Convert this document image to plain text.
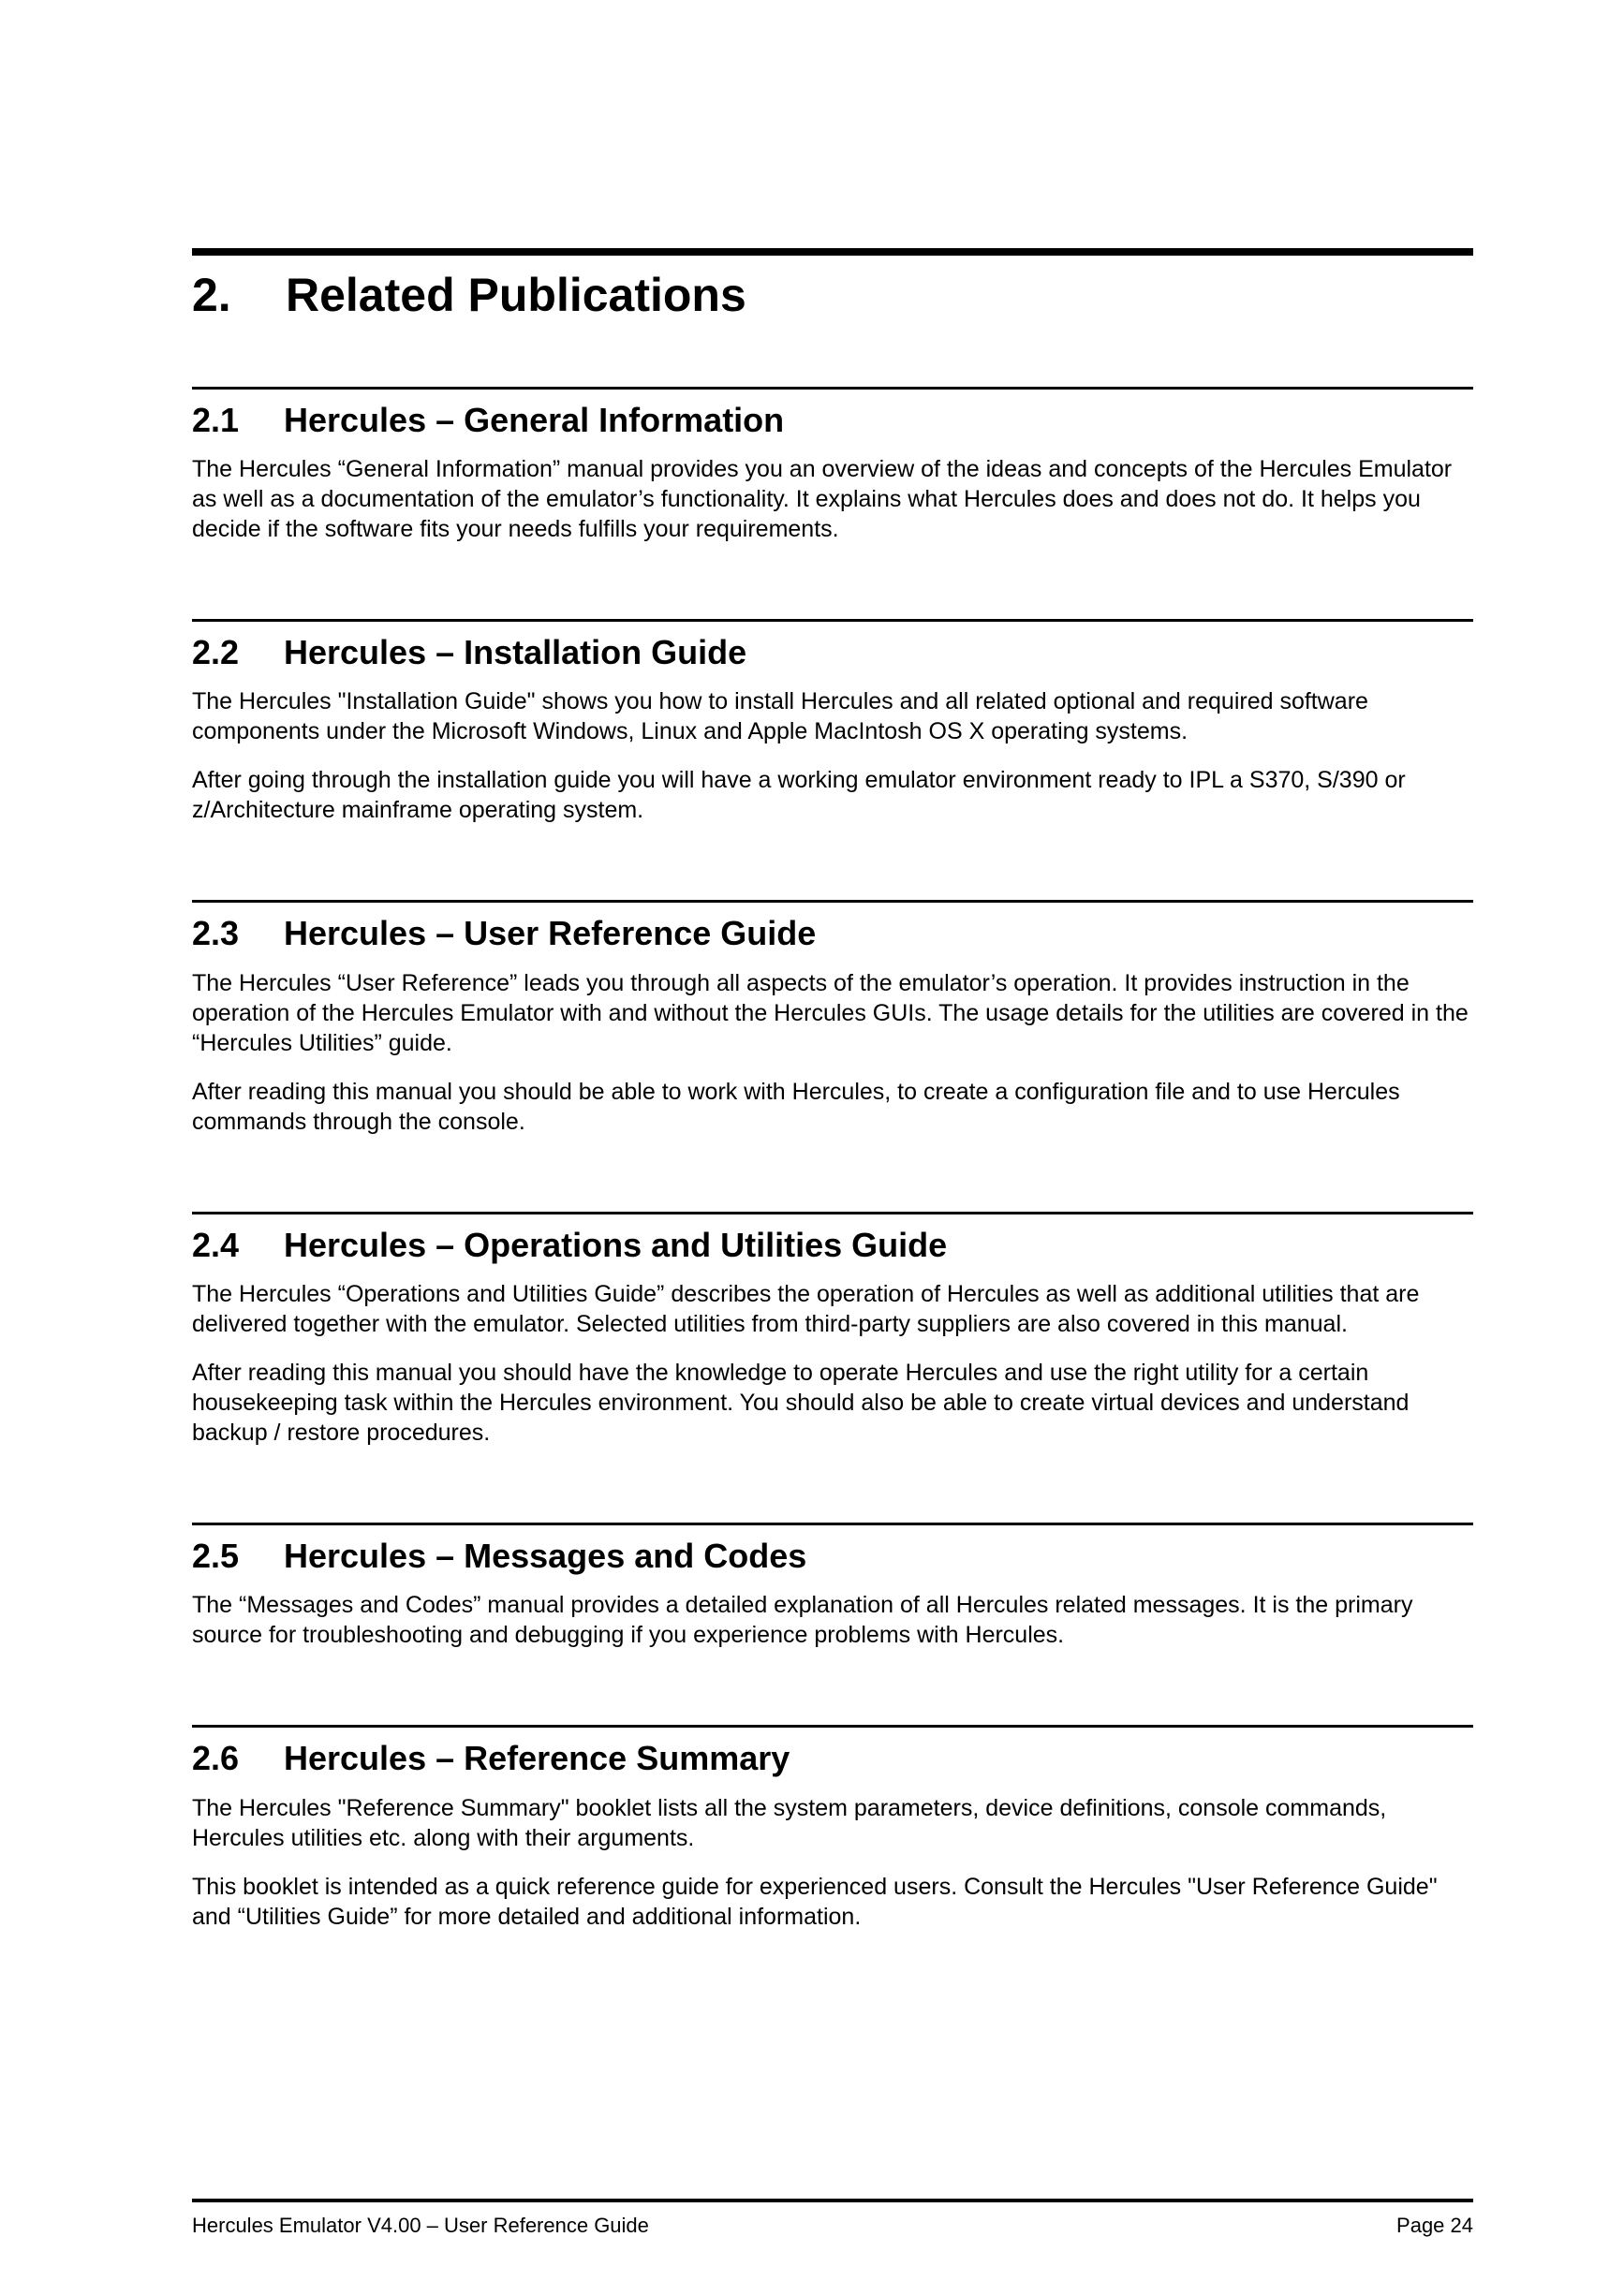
2.	Related Publications
2.1	Hercules – General Information

The Hercules “General Information” manual provides you an overview of the ideas and concepts of the Hercules Emulator as well as a documentation of the emulator’s functionality. It explains what Hercules does and does not do. It helps you decide if the software fits your needs fulfills your requirements.

2.2	Hercules – Installation Guide

The Hercules "Installation Guide" shows you how to install Hercules and all related optional and required software components under the Microsoft Windows, Linux and Apple MacIntosh OS X operating systems.

After going through the installation guide you will have a working emulator environment ready to IPL a S370, S/390 or z/Architecture mainframe operating system.

2.3	Hercules – User Reference Guide

The Hercules “User Reference” leads you through all aspects of the emulator’s operation. It provides instruction in the operation of the Hercules Emulator with and without the Hercules GUIs. The usage details for the utilities are covered in the “Hercules Utilities” guide.

After reading this manual you should be able to work with Hercules, to create a configuration file and to use Hercules commands through the console.

2.4	Hercules – Operations and Utilities Guide

The Hercules “Operations and Utilities Guide” describes the operation of Hercules as well as additional utilities that are delivered together with the emulator. Selected utilities from third-party suppliers are also covered in this manual.

After reading this manual you should have the knowledge to operate Hercules and use the right utility for a certain housekeeping task within the Hercules environment. You should also be able to create virtual devices and understand backup / restore procedures.

2.5	Hercules – Messages and Codes

The “Messages and Codes” manual provides a detailed explanation of all Hercules related messages. It is the primary source for troubleshooting and debugging if you experience problems with Hercules.

2.6	Hercules – Reference Summary

The Hercules "Reference Summary" booklet lists all the system parameters, device definitions, console commands, Hercules utilities etc. along with their arguments.

This booklet is intended as a quick reference guide for experienced users. Consult the Hercules "User Reference Guide" and “Utilities Guide” for more detailed and additional information.

Hercules Emulator V4.00 – User Reference Guide	Page 24
